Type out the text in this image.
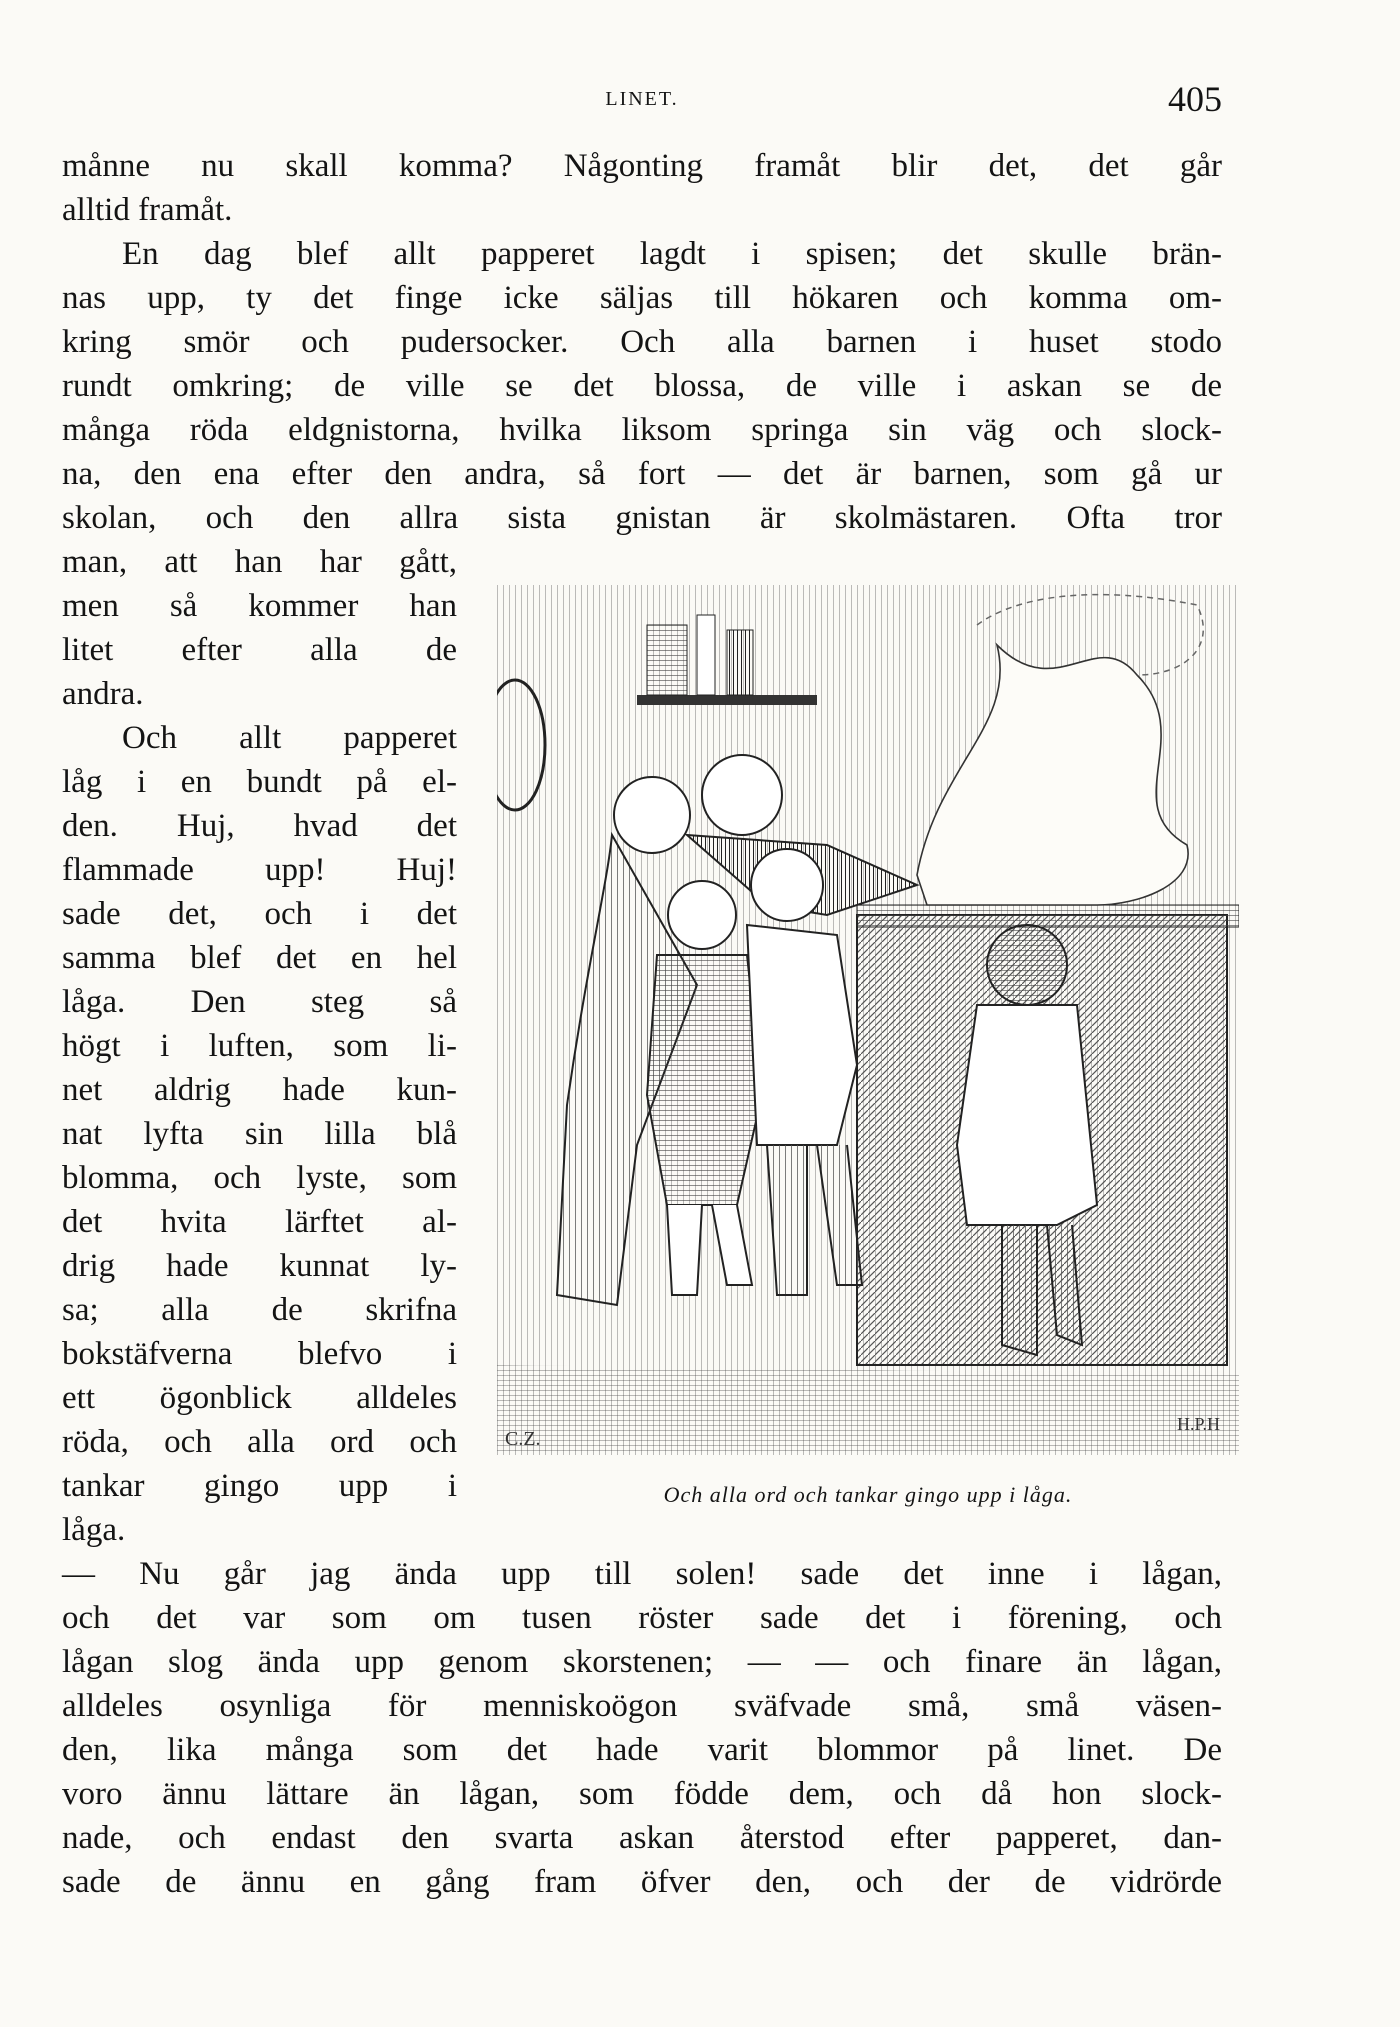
LINET.	405
månne nu skall komma? Någonting framåt blir det, det går
alltid framåt.
En dag blef allt papperet lagdt i spisen; det skulle brän-
nas upp, ty det finge icke säljas till hökaren och komma om-
kring smör och pudersocker. Och alla barnen i huset stodo
rundt omkring; de ville se det blossa, de ville i askan se de
många röda eldgnistorna, hvilka liksom springa sin väg och slock-
na, den ena efter den andra, så fort — det är barnen, som gå ur
skolan, och den allra sista gnistan är skolmästaren. Ofta tror
man, att han har gått,
men så kommer han
litet efter alla de
andra.
Och allt papperet
låg i en bundt på el-
den. Huj, hvad det
flammade upp! Huj!
sade det, och i det
samma blef det en hel
låga. Den steg så
högt i luften, som li-
net aldrig hade kun-
nat lyfta sin lilla blå
blomma, och lyste, som
det hvita lärftet al-
drig hade kunnat ly-
sa; alla de skrifna
bokstäfverna blefvo i
ett ögonblick alldeles
röda, och alla ord och
tankar gingo upp i
låga.
C.Z.
H.P.H
Och alla ord och tankar gingo upp i låga.
— Nu går jag ända upp till solen! sade det inne i lågan,
och det var som om tusen röster sade det i förening, och
lågan slog ända upp genom skorstenen; — — och finare än lågan,
alldeles osynliga för menniskoögon sväfvade små, små väsen-
den, lika många som det hade varit blommor på linet. De
voro ännu lättare än lågan, som födde dem, och då hon slock-
nade, och endast den svarta askan återstod efter papperet, dan-
sade de ännu en gång fram öfver den, och der de vidrörde
